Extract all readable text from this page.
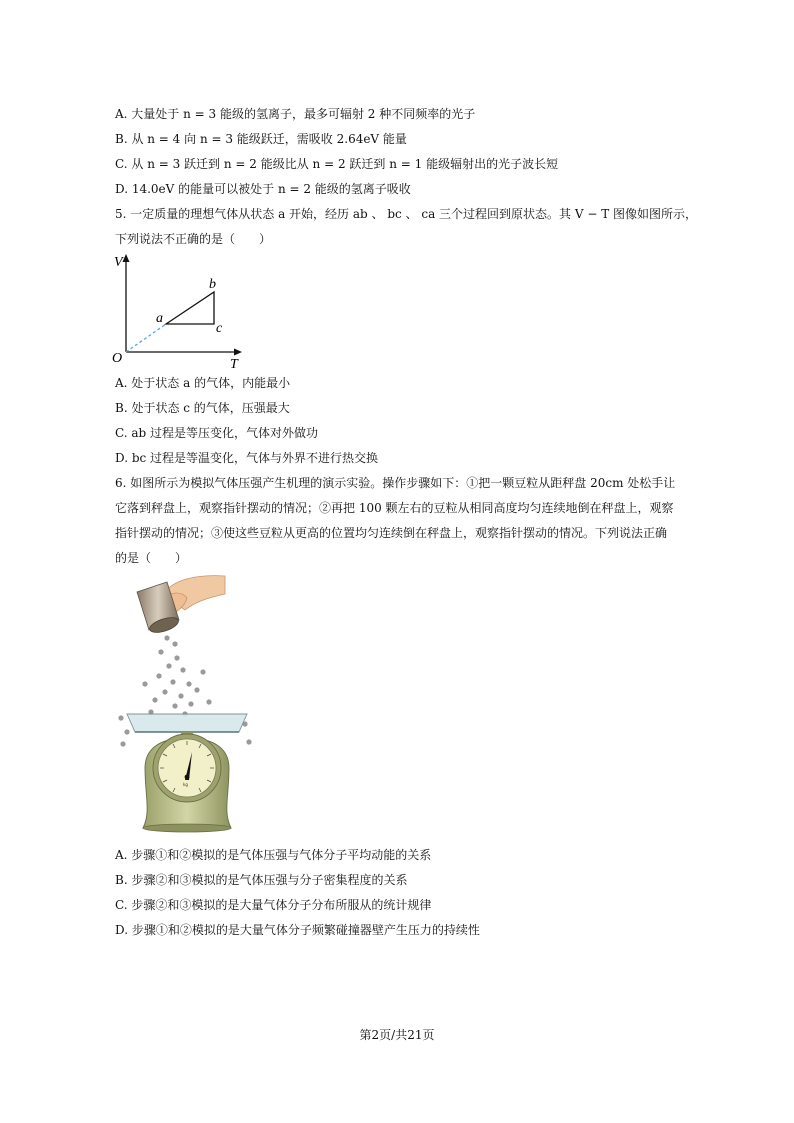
A. 大量处于 n = 3 能级的氢离子，最多可辐射 2 种不同频率的光子
B. 从 n = 4 向 n = 3 能级跃迁，需吸收 2.64eV 能量
C. 从 n = 3 跃迁到 n = 2 能级比从 n = 2 跃迁到 n = 1 能级辐射出的光子波长短
D. 14.0eV 的能量可以被处于 n = 2 能级的氢离子吸收
5. 一定质量的理想气体从状态 a 开始，经历 ab 、 bc 、 ca 三个过程回到原状态。其 V − T 图像如图所示，
下列说法不正确的是（　　）
V
T
O
a
b
c
A. 处于状态 a 的气体，内能最小
B. 处于状态 c 的气体，压强最大
C. ab 过程是等压变化，气体对外做功
D. bc 过程是等温变化，气体与外界不进行热交换
6. 如图所示为模拟气体压强产生机理的演示实验。操作步骤如下：①把一颗豆粒从距秤盘 20cm 处松手让
它落到秤盘上，观察指针摆动的情况；②再把 100 颗左右的豆粒从相同高度均匀连续地倒在秤盘上，观察
指针摆动的情况；③使这些豆粒从更高的位置均匀连续倒在秤盘上，观察指针摆动的情况。下列说法正确
的是（　　）
kg
A. 步骤①和②模拟的是气体压强与气体分子平均动能的关系
B. 步骤②和③模拟的是气体压强与分子密集程度的关系
C. 步骤②和③模拟的是大量气体分子分布所服从的统计规律
D. 步骤①和②模拟的是大量气体分子频繁碰撞器壁产生压力的持续性
第2页/共21页
